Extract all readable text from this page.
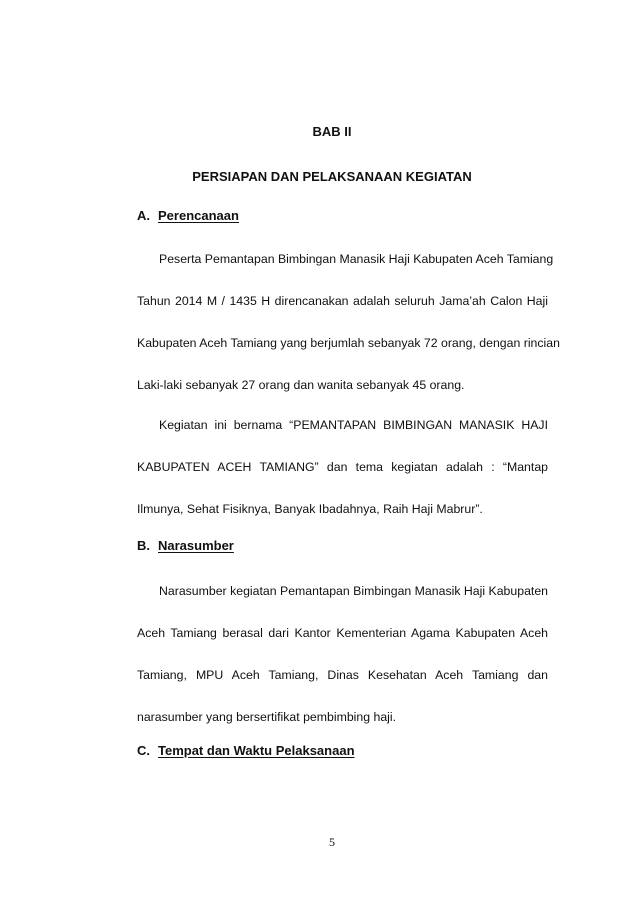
BAB II
PERSIAPAN DAN PELAKSANAAN KEGIATAN
A. Perencanaan
Peserta Pemantapan Bimbingan Manasik Haji Kabupaten Aceh Tamiang
Tahun 2014 M / 1435 H direncanakan adalah seluruh Jama’ah Calon Haji
Kabupaten Aceh Tamiang yang berjumlah sebanyak 72 orang, dengan rincian
Laki-laki sebanyak 27 orang dan wanita sebanyak 45 orang.
Kegiatan ini bernama “PEMANTAPAN BIMBINGAN MANASIK HAJI
KABUPATEN ACEH TAMIANG” dan tema kegiatan adalah : “Mantap
Ilmunya, Sehat Fisiknya, Banyak Ibadahnya, Raih Haji Mabrur”.
B. Narasumber
Narasumber kegiatan Pemantapan Bimbingan Manasik Haji Kabupaten
Aceh Tamiang berasal dari Kantor Kementerian Agama Kabupaten Aceh
Tamiang, MPU Aceh Tamiang, Dinas Kesehatan Aceh Tamiang dan
narasumber yang bersertifikat pembimbing haji.
C. Tempat dan Waktu Pelaksanaan
5
